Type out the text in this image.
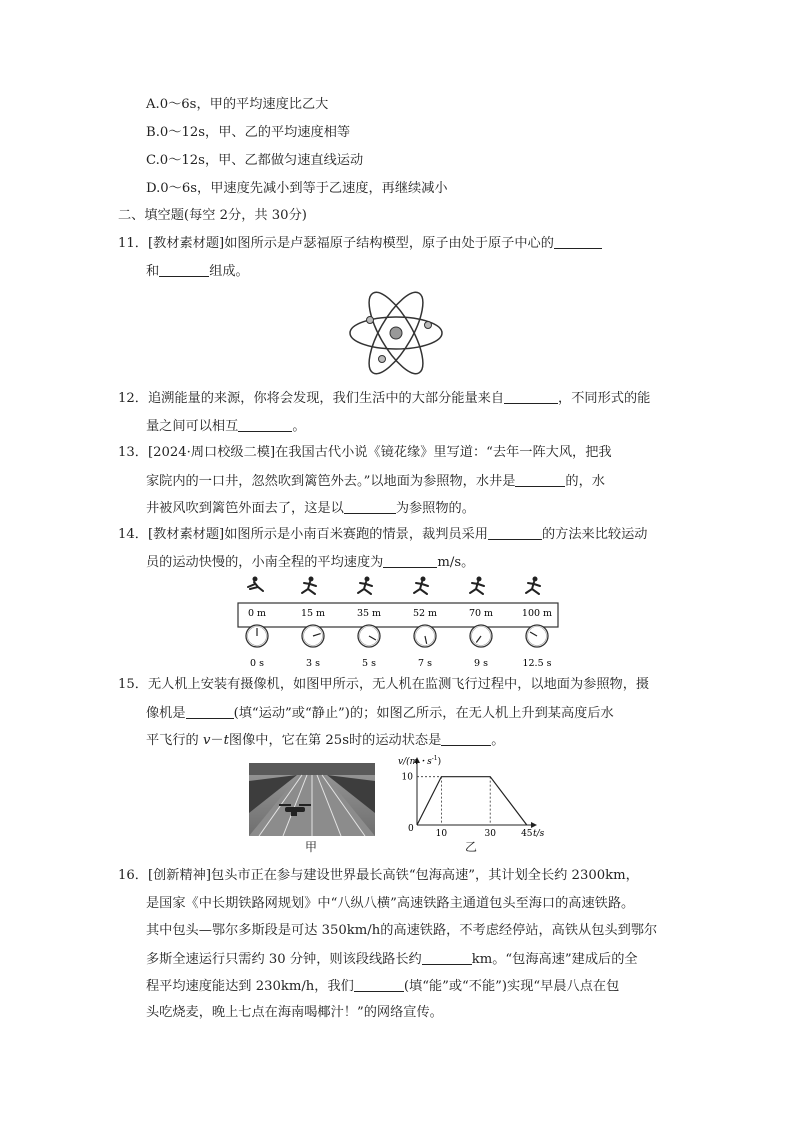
A.0～6s，甲的平均速度比乙大
B.0～12s，甲、乙的平均速度相等
C.0～12s，甲、乙都做匀速直线运动
D.0～6s，甲速度先减小到等于乙速度，再继续减小
二、填空题(每空 2分，共 30分)
11．[教材素材题]如图所示是卢瑟福原子结构模型，原子由处于原子中心的
和	组成。
12．追溯能量的来源，你将会发现，我们生活中的大部分能量来自	，不同形式的能
量之间可以相互	。
13．[2024·周口校级二模]在我国古代小说《镜花缘》里写道：“去年一阵大风，把我
家院内的一口井，忽然吹到篱笆外去。”以地面为参照物，水井是	的，水
井被风吹到篱笆外面去了，这是以	为参照物的。
14．[教材素材题]如图所示是小南百米赛跑的情景，裁判员采用	的方法来比较运动
员的运动快慢的，小南全程的平均速度为	m/s。
0 m
0 s
15 m
3 s
35 m
5 s
52 m
7 s
70 m
9 s
100 m
12.5 s
15．无人机上安装有摄像机，如图甲所示，无人机在监测飞行过程中，以地面为参照物，摄
像机是	(填“运动”或“静止”)的；如图乙所示，在无人机上升到某高度后水
平飞行的 v－t图像中，它在第 25s时的运动状态是	。
甲
v/(m・$s^{-1}$)
t/s
0
10
10	30	45
乙
16．[创新精神]包头市正在参与建设世界最长高铁“包海高速”，其计划全长约 2300km，
是国家《中长期铁路网规划》中“八纵八横”高速铁路主通道包头至海口的高速铁路。
其中包头—鄂尔多斯段是可达 350km/h的高速铁路，不考虑经停站，高铁从包头到鄂尔
多斯全速运行只需约 30 分钟，则该段线路长约	km。“包海高速”建成后的全
程平均速度能达到 230km/h，我们	(填“能”或“不能”)实现“早晨八点在包
头吃烧麦，晚上七点在海南喝椰汁！”的网络宣传。
